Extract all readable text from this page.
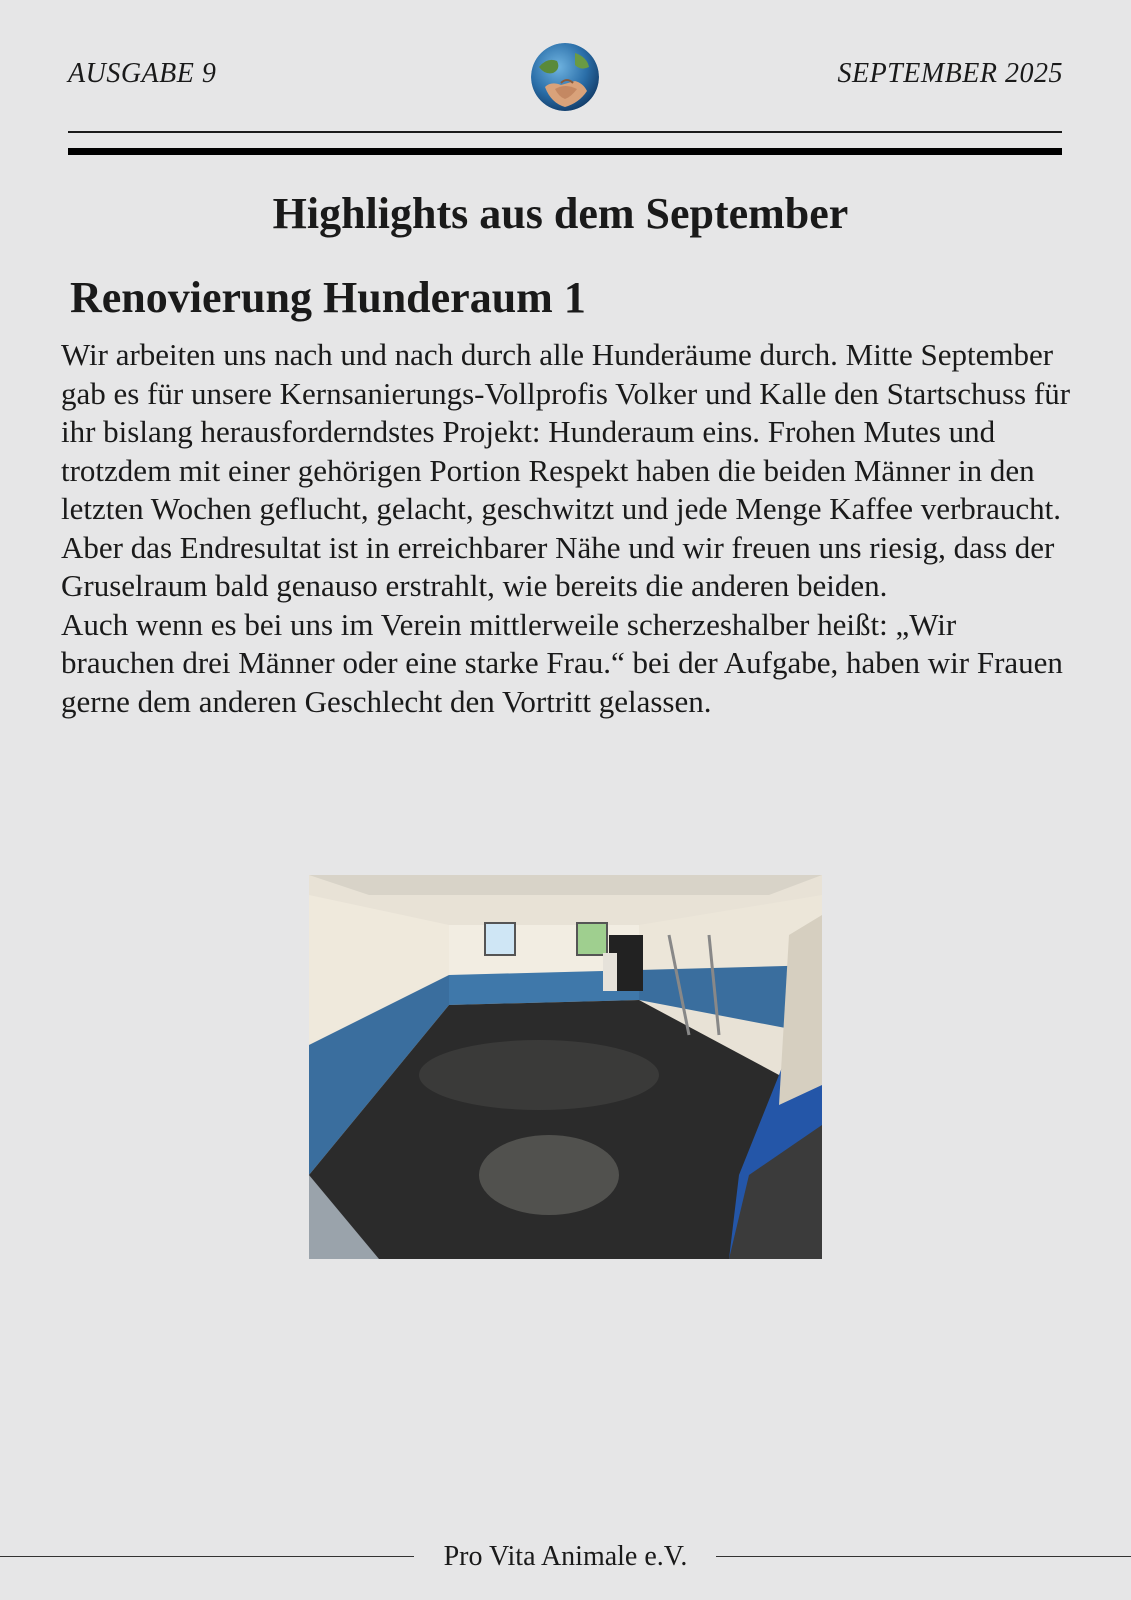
AUSGABE 9	SEPTEMBER 2025
Highlights aus dem September
Renovierung Hunderaum 1

Wir arbeiten uns nach und nach durch alle Hunderäume durch. Mitte September gab es für unsere Kernsanierungs-Vollprofis Volker und Kalle den Startschuss für ihr bislang herausforderndstes Projekt: Hunderaum eins. Frohen Mutes und trotzdem mit einer gehörigen Portion Respekt haben die beiden Männer in den letzten Wochen geflucht, gelacht, geschwitzt und jede Menge Kaffee verbraucht.

Aber das Endresultat ist in erreichbarer Nähe und wir freuen uns riesig, dass der Gruselraum bald genauso erstrahlt, wie bereits die anderen beiden.

Auch wenn es bei uns im Verein mittlerweile scherzeshalber heißt: „Wir brauchen drei Männer oder eine starke Frau.“ bei der Aufgabe, haben wir Frauen gerne dem anderen Geschlecht den Vortritt gelassen.

Pro Vita Animale e.V.
